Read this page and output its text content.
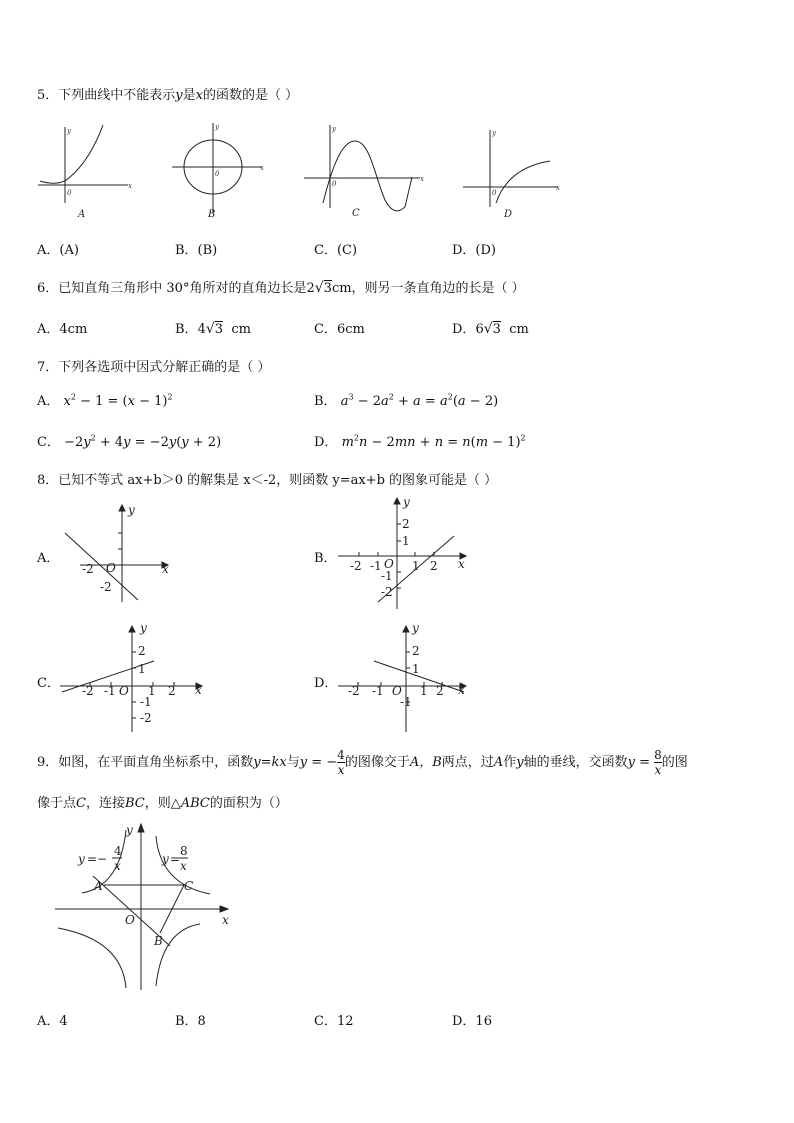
5．下列曲线中不能表示y是x的函数的是（ ）
x
y
0
x
y
0
x
y
0	x
y
0
A	B	C	D
A．(A)	B．(B)	C．(C)	D．(D)
6．已知直角三角形中 30°角所对的直角边长是2√3cm，则另一条直角边的长是（ ）
A．4cm	B．4√3 cm	C．6cm	D．6√3 cm
7．下列各选项中因式分解正确的是（ ）
A． $x^2 - 1 = (x - 1)^2$	B． $a^3 - 2a^2 + a = a^2(a - 2)$
C． $-2y^2 + 4y = -2y(y + 2)$	D． $m^2n - 2mn + n = n(m - 1)^2$
8．已知不等式 ax+b＞0 的解集是 x＜-2，则函数 y=ax+b 的图象可能是（ ）
A．	B．
C．	D．
y
x
O
-2
-2
y
x
O
2
1
-2 -1	1 2
-1
-2
y
x
O
2
1
-2 -1	1 2
-1
-2
y
x
O
2
1
-2 -1	1 2
-1
9．如图，在平面直角坐标系中，函数y=kx与y = − $\frac{4}{x}$ 的图像交于A，B两点，过A作y轴的垂线，交函数$y = \frac{8}{x}$ 的图
像于点C，连接BC，则△ABC的面积为（）
y
x
O
A	C
B
y =−
4
x	y =
8
x
A．4	B．8	C．12	D．16
